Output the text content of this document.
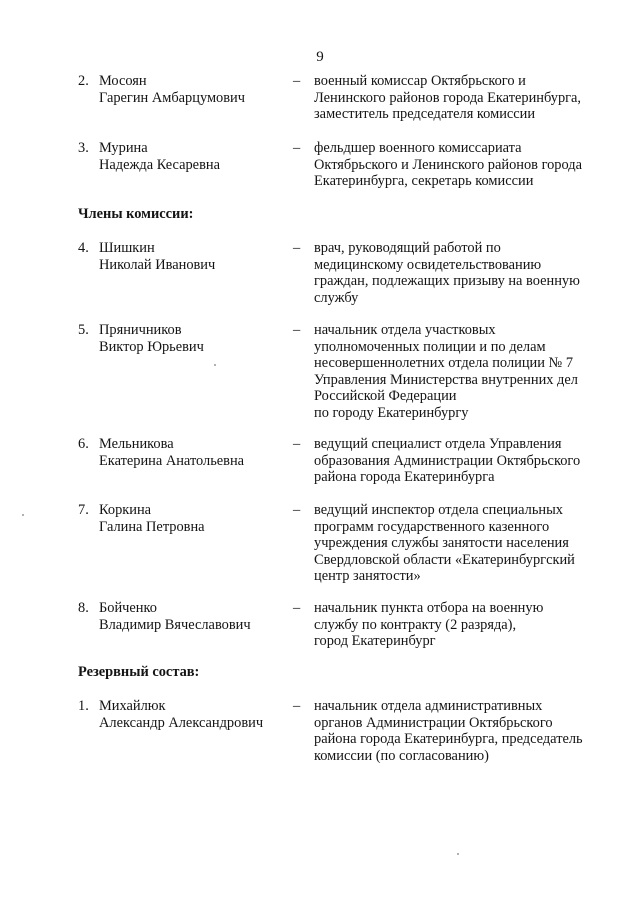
9
2. Мосоян
Гарегин Амбарцумович
– военный комиссар Октябрьского и
Ленинского районов города Екатеринбурга,
заместитель председателя комиссии
3. Мурина
Надежда Кесаревна
– фельдшер военного комиссариата
Октябрьского и Ленинского районов города
Екатеринбурга, секретарь комиссии
Члены комиссии:
4. Шишкин
Николай Иванович
– врач, руководящий работой по
медицинскому освидетельствованию
граждан, подлежащих призыву на военную
службу
5. Пряничников
Виктор Юрьевич
– начальник отдела участковых
уполномоченных полиции и по делам
несовершеннолетних отдела полиции № 7
Управления Министерства внутренних дел
Российской Федерации
по городу Екатеринбургу
6. Мельникова
Екатерина Анатольевна
– ведущий специалист отдела Управления
образования Администрации Октябрьского
района города Екатеринбурга
7. Коркина
Галина Петровна
– ведущий инспектор отдела специальных
программ государственного казенного
учреждения службы занятости населения
Свердловской области «Екатеринбургский
центр занятости»
8. Бойченко
Владимир Вячеславович
– начальник пункта отбора на военную
службу по контракту (2 разряда),
город Екатеринбург
Резервный состав:
1. Михайлюк
Александр Александрович
– начальник отдела административных
органов Администрации Октябрьского
района города Екатеринбурга, председатель
комиссии (по согласованию)
